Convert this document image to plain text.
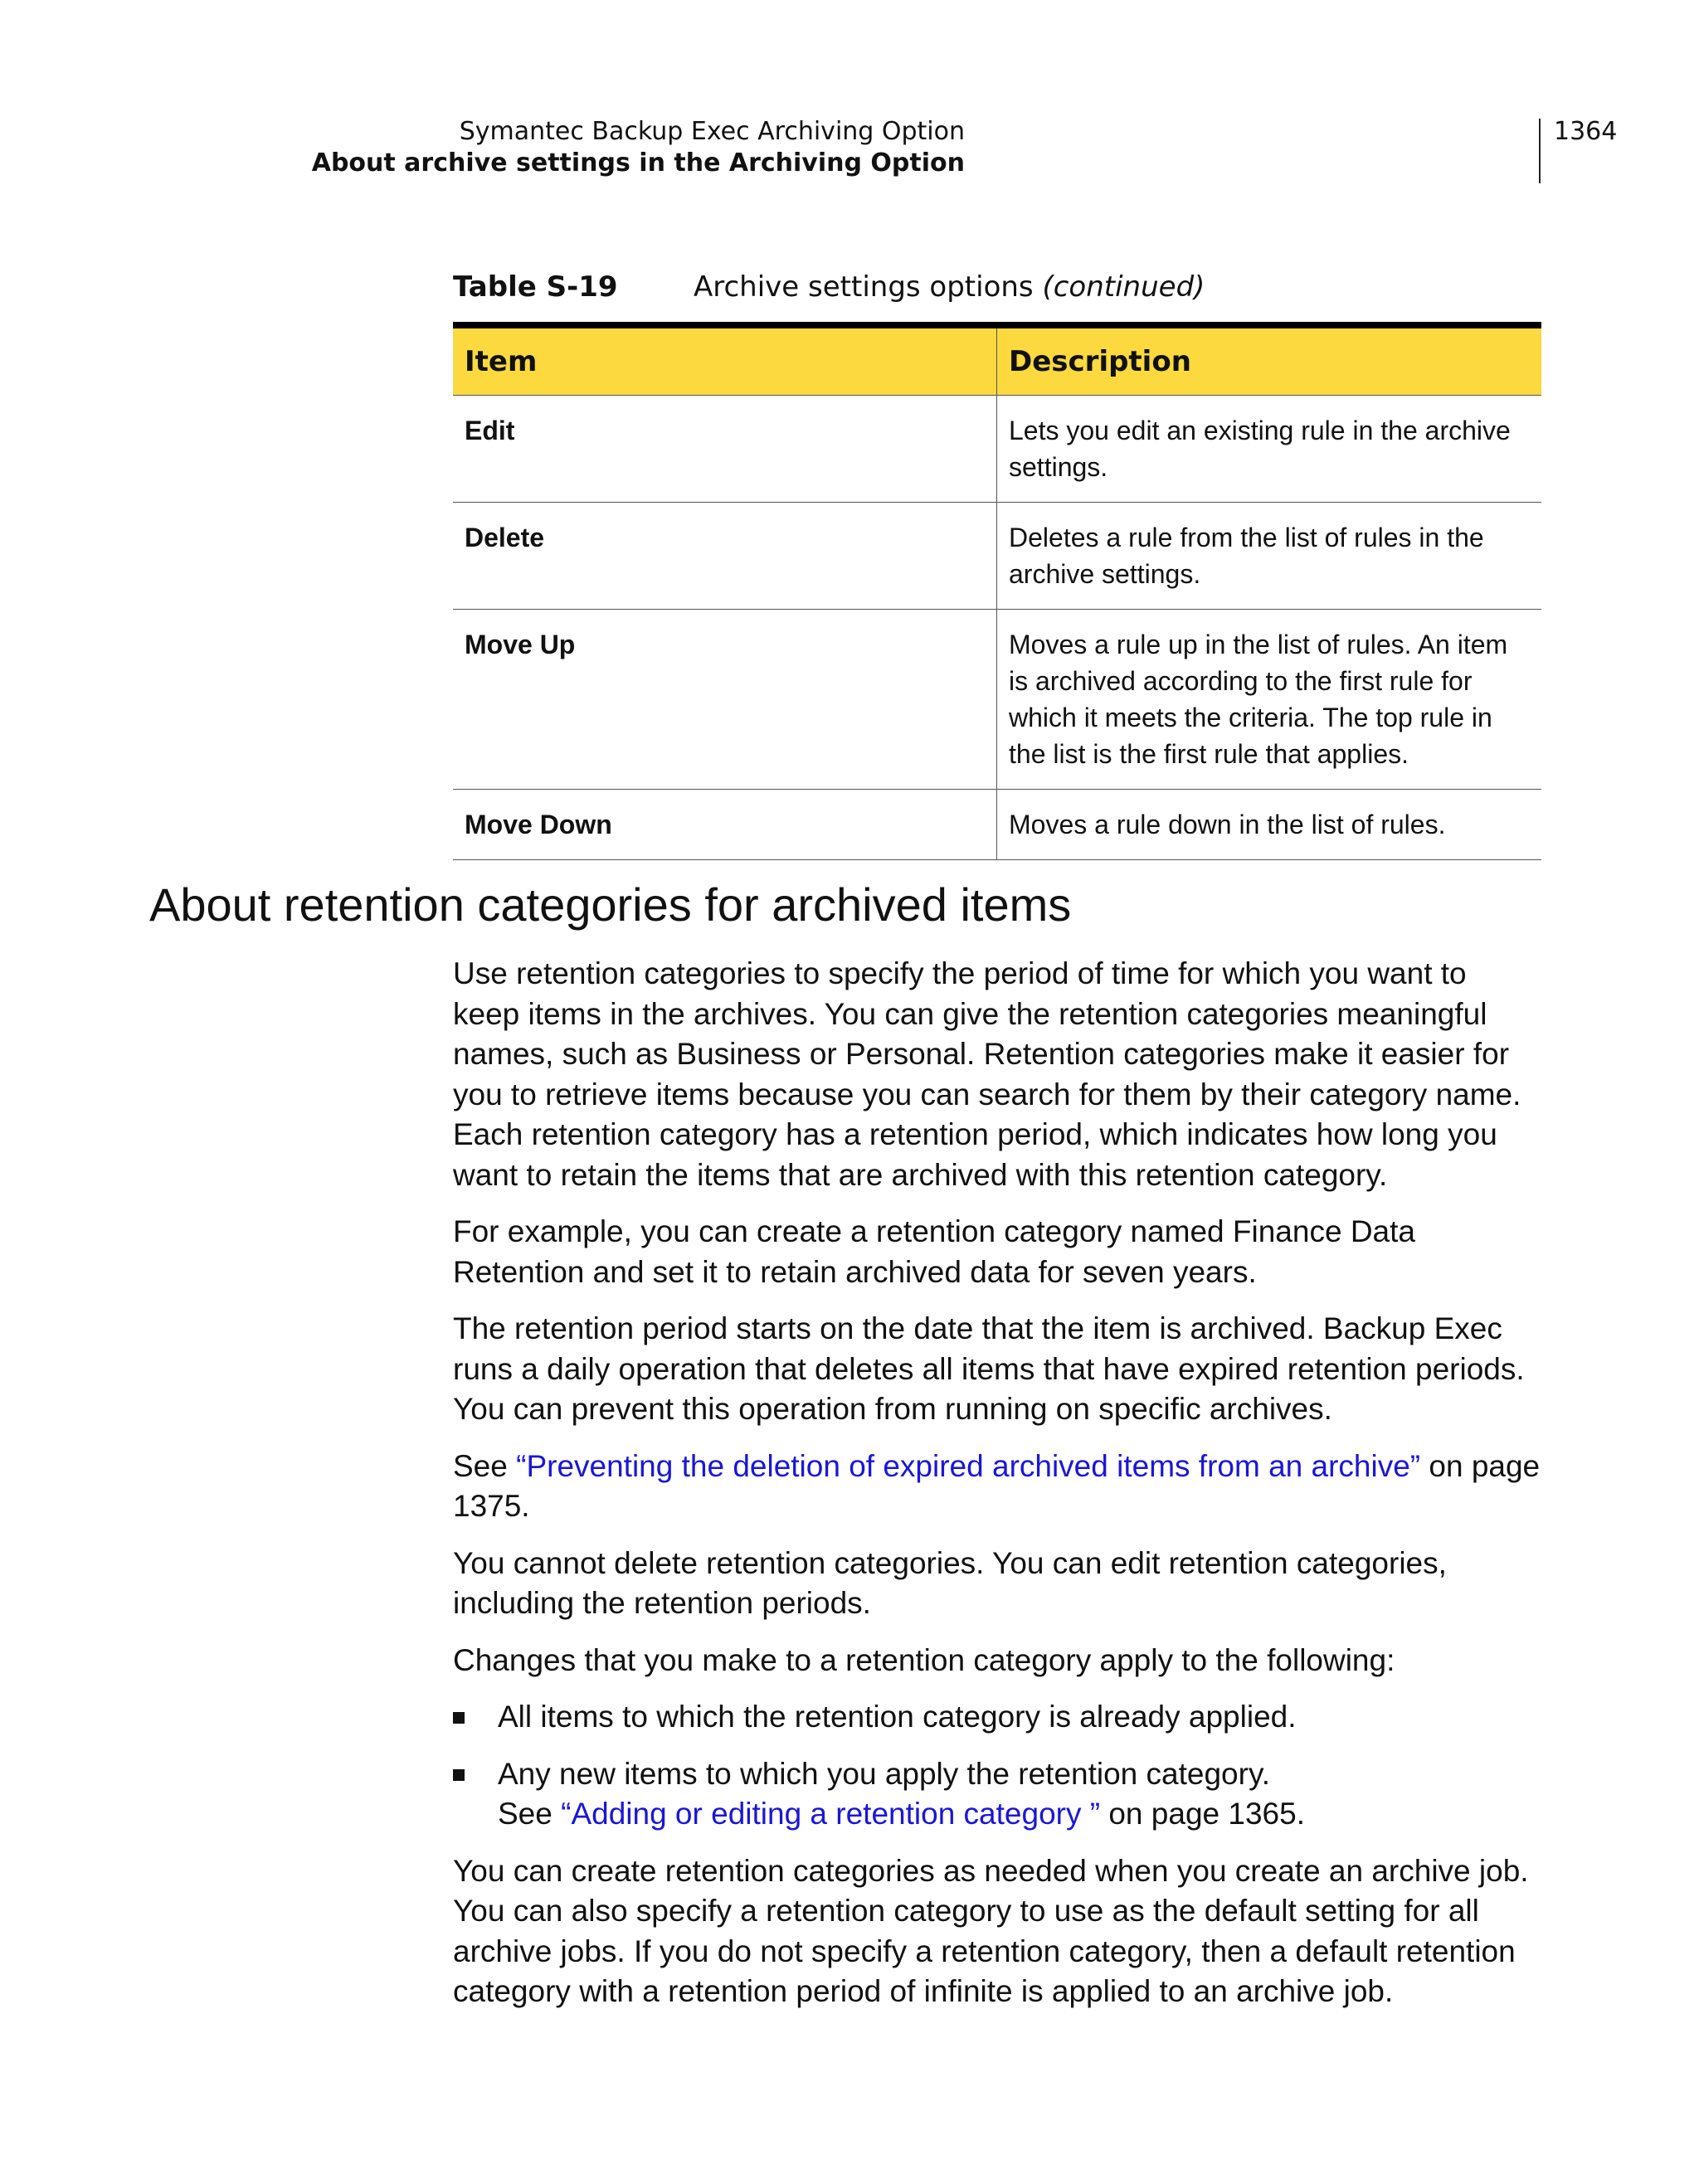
Symantec Backup Exec Archiving Option
About archive settings in the Archiving Option
1364
Table S-19	Archive settings options (continued)
Item	Description
Edit	Lets you edit an existing rule in the archive settings.
Delete	Deletes a rule from the list of rules in the archive settings.
Move Up	Moves a rule up in the list of rules. An item is archived according to the first rule for which it meets the criteria. The top rule in the list is the first rule that applies.
Move Down	Moves a rule down in the list of rules.
About retention categories for archived items

Use retention categories to specify the period of time for which you want to keep items in the archives. You can give the retention categories meaningful names, such as Business or Personal. Retention categories make it easier for you to retrieve items because you can search for them by their category name. Each retention category has a retention period, which indicates how long you want to retain the items that are archived with this retention category.

For example, you can create a retention category named Finance Data Retention and set it to retain archived data for seven years.

The retention period starts on the date that the item is archived. Backup Exec runs a daily operation that deletes all items that have expired retention periods. You can prevent this operation from running on specific archives.

See “Preventing the deletion of expired archived items from an archive” on page 1375.

You cannot delete retention categories. You can edit retention categories, including the retention periods.

Changes that you make to a retention category apply to the following:

All items to which the retention category is already applied.
Any new items to which you apply the retention category.
See “Adding or editing a retention category ” on page 1365.

You can create retention categories as needed when you create an archive job. You can also specify a retention category to use as the default setting for all archive jobs. If you do not specify a retention category, then a default retention category with a retention period of infinite is applied to an archive job.
